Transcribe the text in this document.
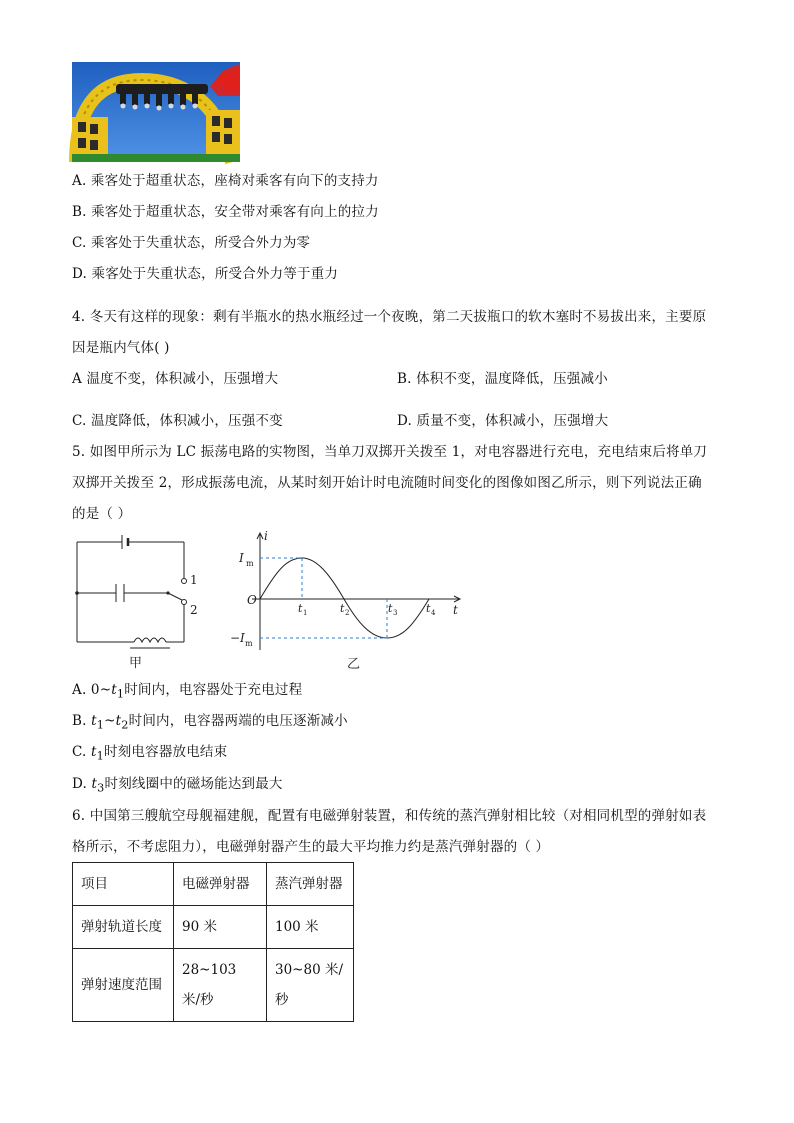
A. 乘客处于超重状态，座椅对乘客有向下的支持力
B. 乘客处于超重状态，安全带对乘客有向上的拉力
C. 乘客处于失重状态，所受合外力为零
D. 乘客处于失重状态，所受合外力等于重力
4. 冬天有这样的现象：剩有半瓶水的热水瓶经过一个夜晚，第二天拔瓶口的软木塞时不易拔出来，主要原
因是瓶内气体( )
A 温度不变，体积减小，压强增大	B. 体积不变，温度降低，压强减小
C. 温度降低，体积减小，压强不变	D. 质量不变，体积减小，压强增大
5. 如图甲所示为 LC 振荡电路的实物图，当单刀双掷开关拨至 1，对电容器进行充电，充电结束后将单刀
双掷开关拨至 2，形成振荡电流，从某时刻开始计时电流随时间变化的图像如图乙所示，则下列说法正确
的是（ ）
1
2
甲
i
t
O
I m
−I m
t 1	t 2	t 3	t 4
乙
A. $0\sim t_1$时间内，电容器处于充电过程
B. $t_1\sim t_2$时间内，电容器两端的电压逐渐减小
C. $t_1$时刻电容器放电结束
D. $t_3$时刻线圈中的磁场能达到最大
6. 中国第三艘航空母舰福建舰，配置有电磁弹射装置，和传统的蒸汽弹射相比较（对相同机型的弹射如表
格所示，不考虑阻力），电磁弹射器产生的最大平均推力约是蒸汽弹射器的（ ）
项目	电磁弹射器	蒸汽弹射器
弹射轨道长度	90 米	100 米
弹射速度范围	28~103 米/秒	30~80 米/秒
